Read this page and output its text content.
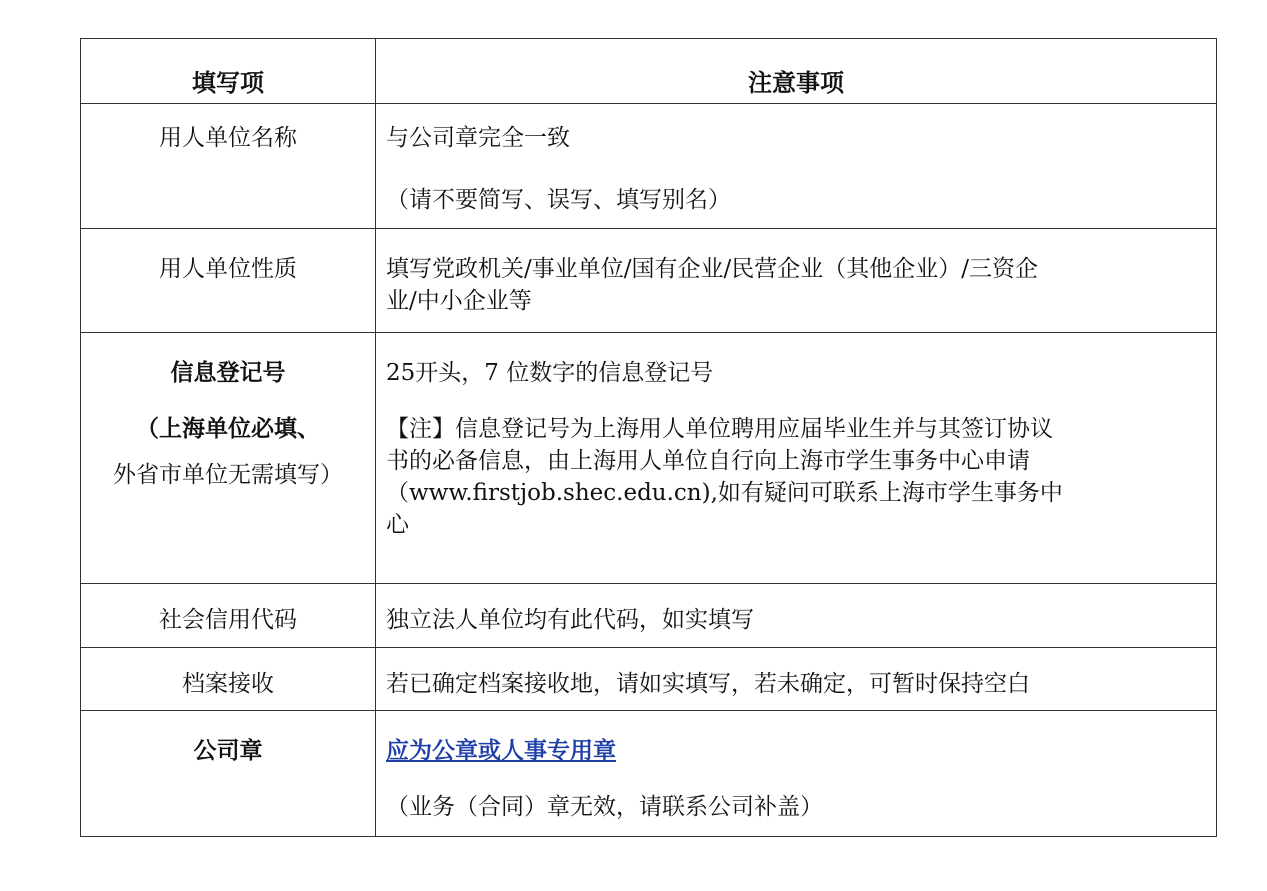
填写项	注意事项

用人单位名称	与公司章完全一致
（请不要简写、误写、填写别名）

用人单位性质	填写党政机关/事业单位/国有企业/民营企业（其他企业）/三资企
业/中小企业等

信息登记号
（上海单位必填、
外省市单位无需填写）	25开头，7 位数字的信息登记号
【注】信息登记号为上海用人单位聘用应届毕业生并与其签订协议
书的必备信息，由上海用人单位自行向上海市学生事务中心申请
（www.firstjob.shec.edu.cn),如有疑问可联系上海市学生事务中
心

社会信用代码	独立法人单位均有此代码，如实填写

档案接收	若已确定档案接收地，请如实填写，若未确定，可暂时保持空白

公司章	应为公章或人事专用章
（业务（合同）章无效，请联系公司补盖）
